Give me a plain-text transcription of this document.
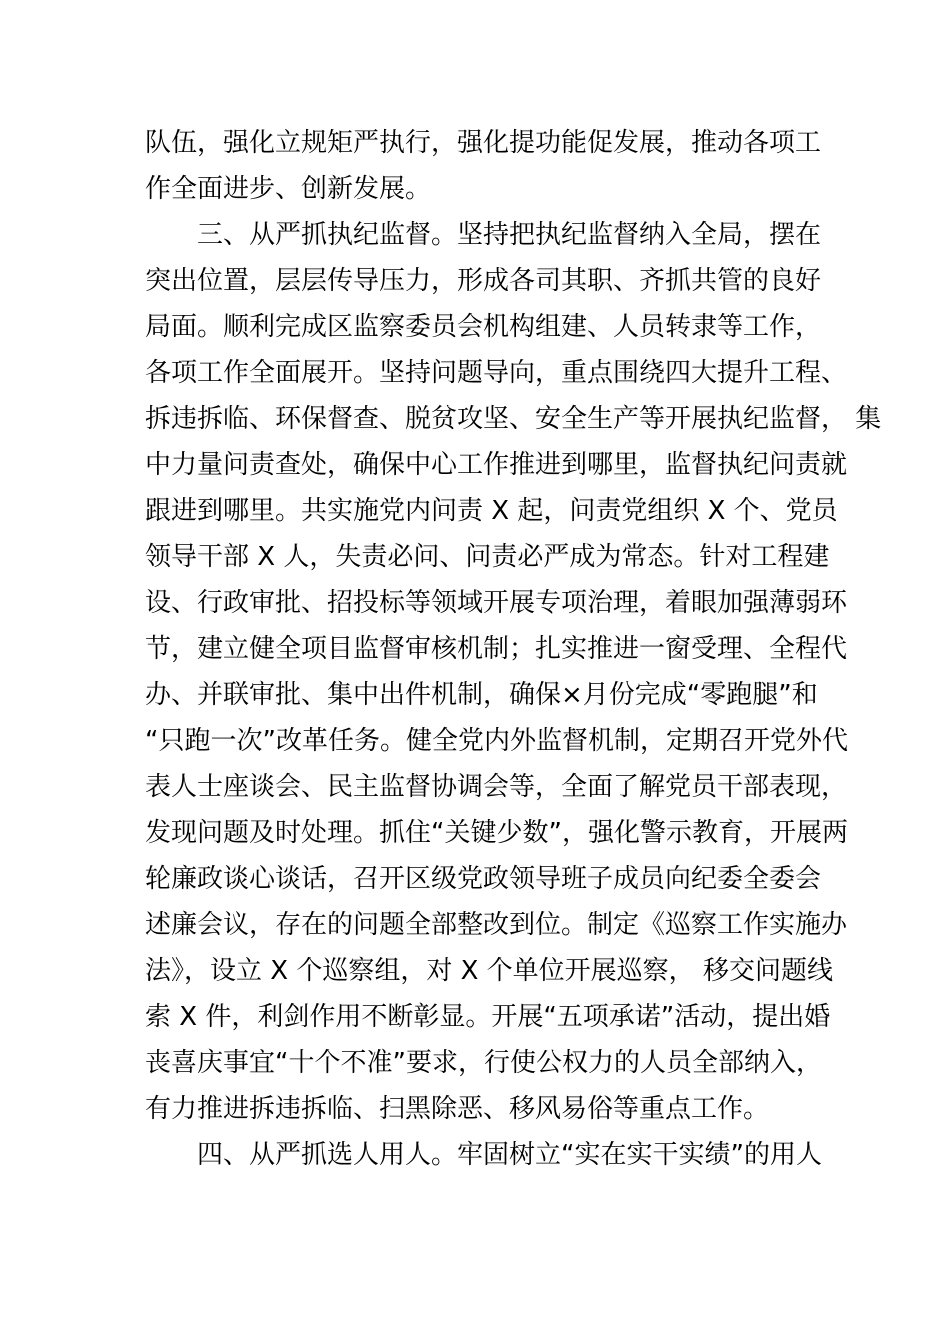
队伍，强化立规矩严执行，强化提功能促发展，推动各项工
作全面进步、创新发展。
三、从严抓执纪监督。坚持把执纪监督纳入全局，摆在
突出位置，层层传导压力，形成各司其职、齐抓共管的良好
局面。顺利完成区监察委员会机构组建、人员转隶等工作，
各项工作全面展开。坚持问题导向，重点围绕四大提升工程、
拆违拆临、环保督查、脱贫攻坚、安全生产等开展执纪监督， 集
中力量问责查处，确保中心工作推进到哪里，监督执纪问责就
跟进到哪里。共实施党内问责 X 起，问责党组织 X 个、党员
领导干部 X 人，失责必问、问责必严成为常态。针对工程建
设、行政审批、招投标等领域开展专项治理，着眼加强薄弱环
节，建立健全项目监督审核机制；扎实推进一窗受理、全程代
办、并联审批、集中出件机制，确保×月份完成“零跑腿”和
“只跑一次”改革任务。健全党内外监督机制，定期召开党外代
表人士座谈会、民主监督协调会等，全面了解党员干部表现，
发现问题及时处理。抓住“关键少数”，强化警示教育，开展两
轮廉政谈心谈话，召开区级党政领导班子成员向纪委全委会
述廉会议，存在的问题全部整改到位。制定《巡察工作实施办
法》，设立 X 个巡察组，对 X 个单位开展巡察， 移交问题线
索 X 件，利剑作用不断彰显。开展“五项承诺”活动，提出婚
丧喜庆事宜“十个不准”要求，行使公权力的人员全部纳入，
有力推进拆违拆临、扫黑除恶、移风易俗等重点工作。
四、从严抓选人用人。牢固树立“实在实干实绩”的用人
